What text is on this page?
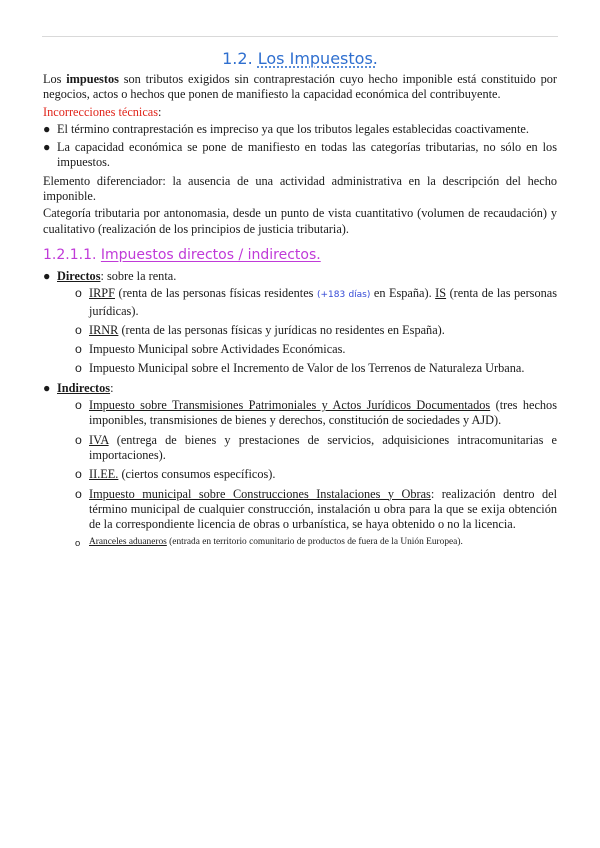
1.2. Los Impuestos.

Los impuestos son tributos exigidos sin contraprestación cuyo hecho imponible está constituido por negocios, actos o hechos que ponen de manifiesto la capacidad económica del contribuyente.

Incorrecciones técnicas:

● El término contraprestación es impreciso ya que los tributos legales establecidas coactivamente.
● La capacidad económica se pone de manifiesto en todas las categorías tributarias, no sólo en los impuestos.

Elemento diferenciador: la ausencia de una actividad administrativa en la descripción del hecho imponible.

Categoría tributaria por antonomasia, desde un punto de vista cuantitativo (volumen de recaudación) y cualitativo (realización de los principios de justicia tributaria).

1.2.1.1. Impuestos directos / indirectos.
● Directos: sobre la renta.
o IRPF (renta de las personas físicas residentes (+183 días) en España). IS (renta de las personas jurídicas).
o IRNR (renta de las personas físicas y jurídicas no residentes en España).
o Impuesto Municipal sobre Actividades Económicas.
o Impuesto Municipal sobre el Incremento de Valor de los Terrenos de Naturaleza Urbana.
● Indirectos:
o Impuesto sobre Transmisiones Patrimoniales y Actos Jurídicos Documentados (tres hechos imponibles, transmisiones de bienes y derechos, constitución de sociedades y AJD).
o IVA (entrega de bienes y prestaciones de servicios, adquisiciones intracomunitarias e importaciones).
o II.EE. (ciertos consumos específicos).
o Impuesto municipal sobre Construcciones Instalaciones y Obras: realización dentro del término municipal de cualquier construcción, instalación u obra para la que se exija obtención de la correspondiente licencia de obras o urbanística, se haya obtenido o no la licencia.
o Aranceles aduaneros (entrada en territorio comunitario de productos de fuera de la Unión Europea).
